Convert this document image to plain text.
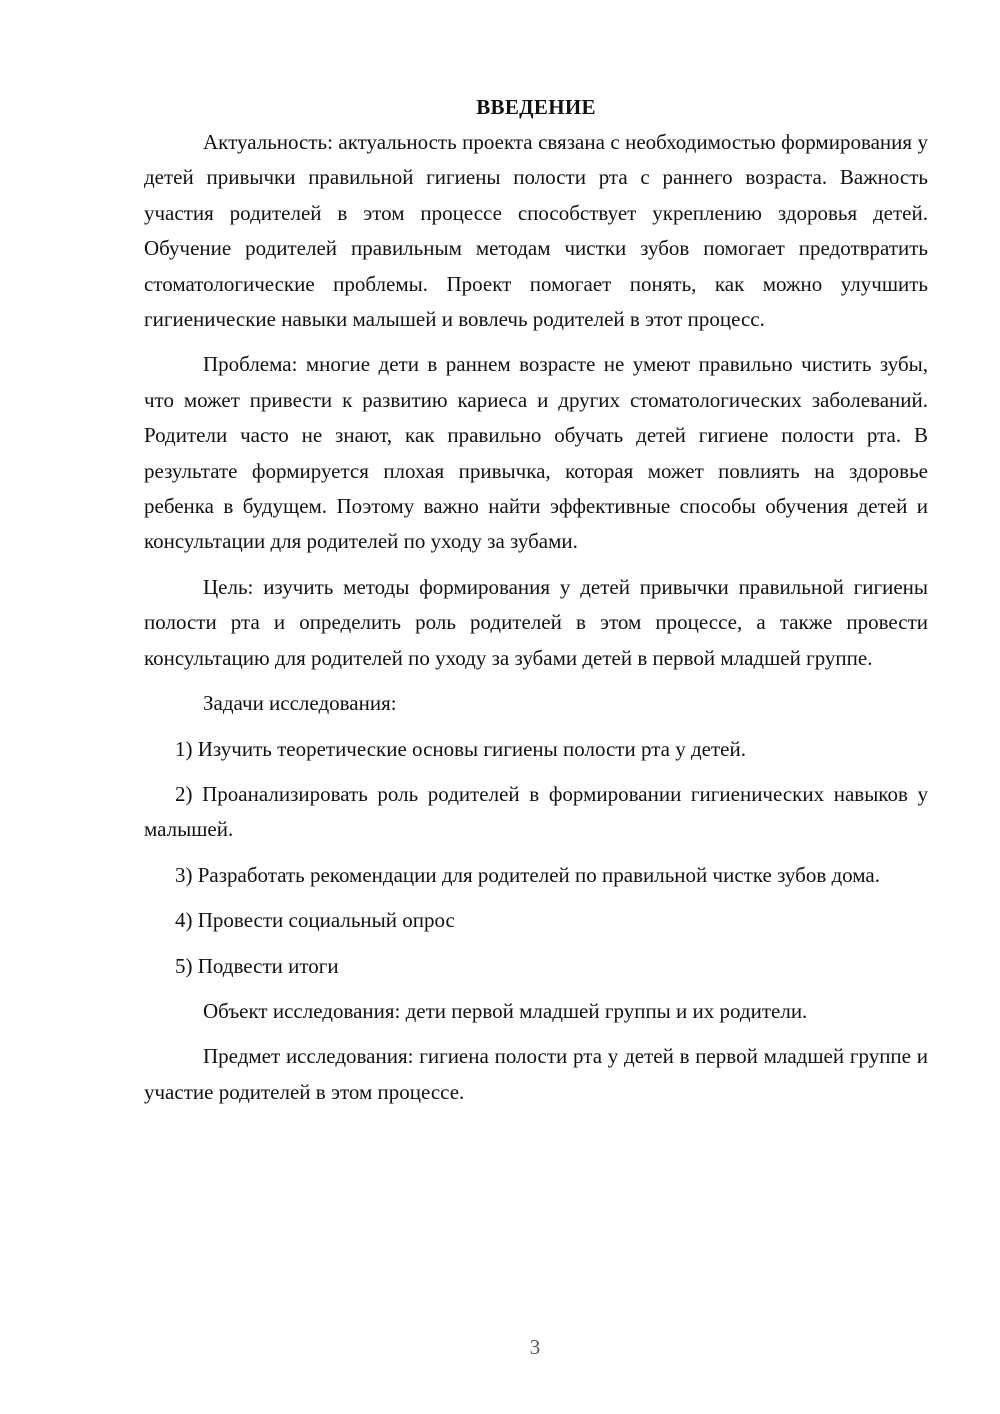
ВВЕДЕНИЕ

Актуальность: актуальность проекта связана с необходимостью формирования у детей привычки правильной гигиены полости рта с раннего возраста. Важность участия родителей в этом процессе способствует укреплению здоровья детей. Обучение родителей правильным методам чистки зубов помогает предотвратить стоматологические проблемы. Проект помогает понять, как можно улучшить гигиенические навыки малышей и вовлечь родителей в этот процесс.

Проблема: многие дети в раннем возрасте не умеют правильно чистить зубы, что может привести к развитию кариеса и других стоматологических заболеваний. Родители часто не знают, как правильно обучать детей гигиене полости рта. В результате формируется плохая привычка, которая может повлиять на здоровье ребенка в будущем. Поэтому важно найти эффективные способы обучения детей и консультации для родителей по уходу за зубами.

Цель: изучить методы формирования у детей привычки правильной гигиены полости рта и определить роль родителей в этом процессе, а также провести консультацию для родителей по уходу за зубами детей в первой младшей группе.

Задачи исследования:

1) Изучить теоретические основы гигиены полости рта у детей.

2) Проанализировать роль родителей в формировании гигиенических навыков у малышей.

3) Разработать рекомендации для родителей по правильной чистке зубов дома.

4) Провести социальный опрос

5) Подвести итоги

Объект исследования: дети первой младшей группы и их родители.

Предмет исследования: гигиена полости рта у детей в первой младшей группе и участие родителей в этом процессе.

3
